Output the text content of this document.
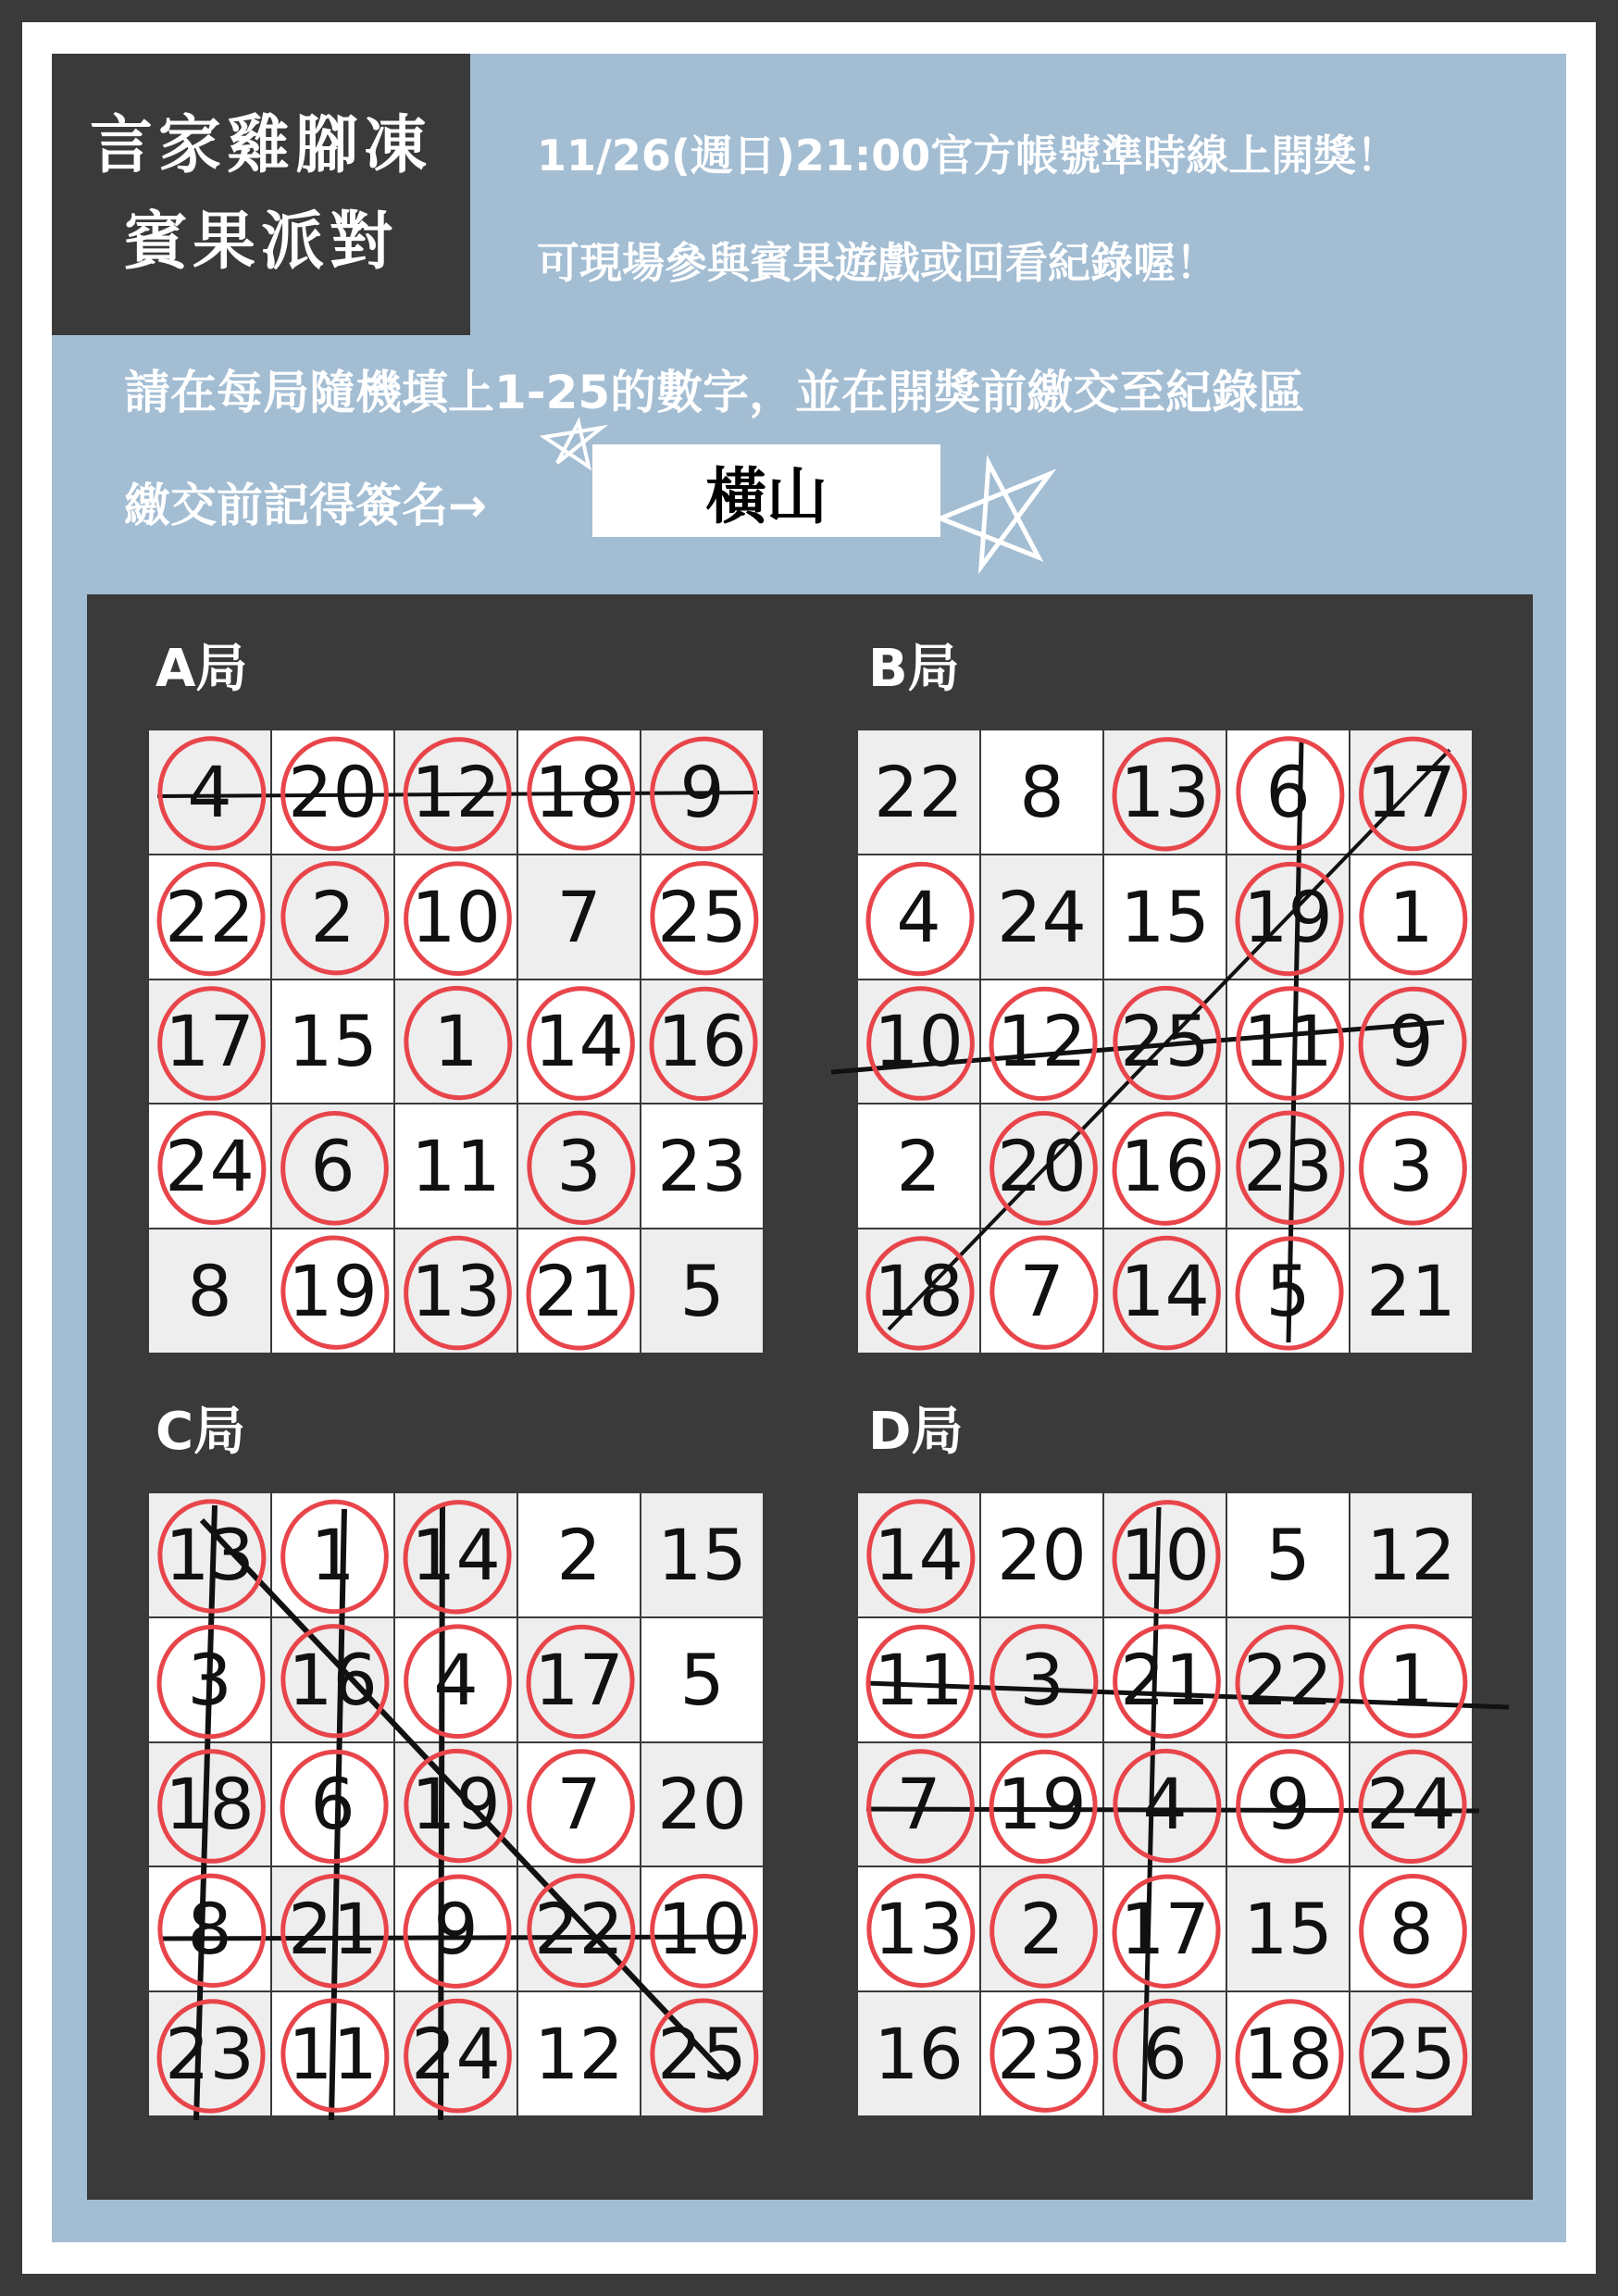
言家雞腳凍
賓果派對
11/26(週日)21:00官方帳號準時線上開獎！
可現場參與賓果遊戲或回看紀錄喔！
請在每局隨機填上1-25的數字，並在開獎前繳交至紀錄區
繳交前記得簽名→	橫山
A局	B局
C局	D局
4 20 12 18 9
22 2 10 7 25
17 15 1 14 16
24 6 11 3 23
8 19 13 21 5
22 8 13 6 17
4 24 15 19 1
10 12 25 11 9
2 20 16 23 3
18 7 14 5 21
13 1 14 2 15
3 16 4 17 5
18 6 19 7 20
8 21 9 22 10
23 11 24 12 25
14 20 10 5 12
11 3 21 22 1
7 19 4	9 24
13 2 17 15 8
16 23 6 18 25
